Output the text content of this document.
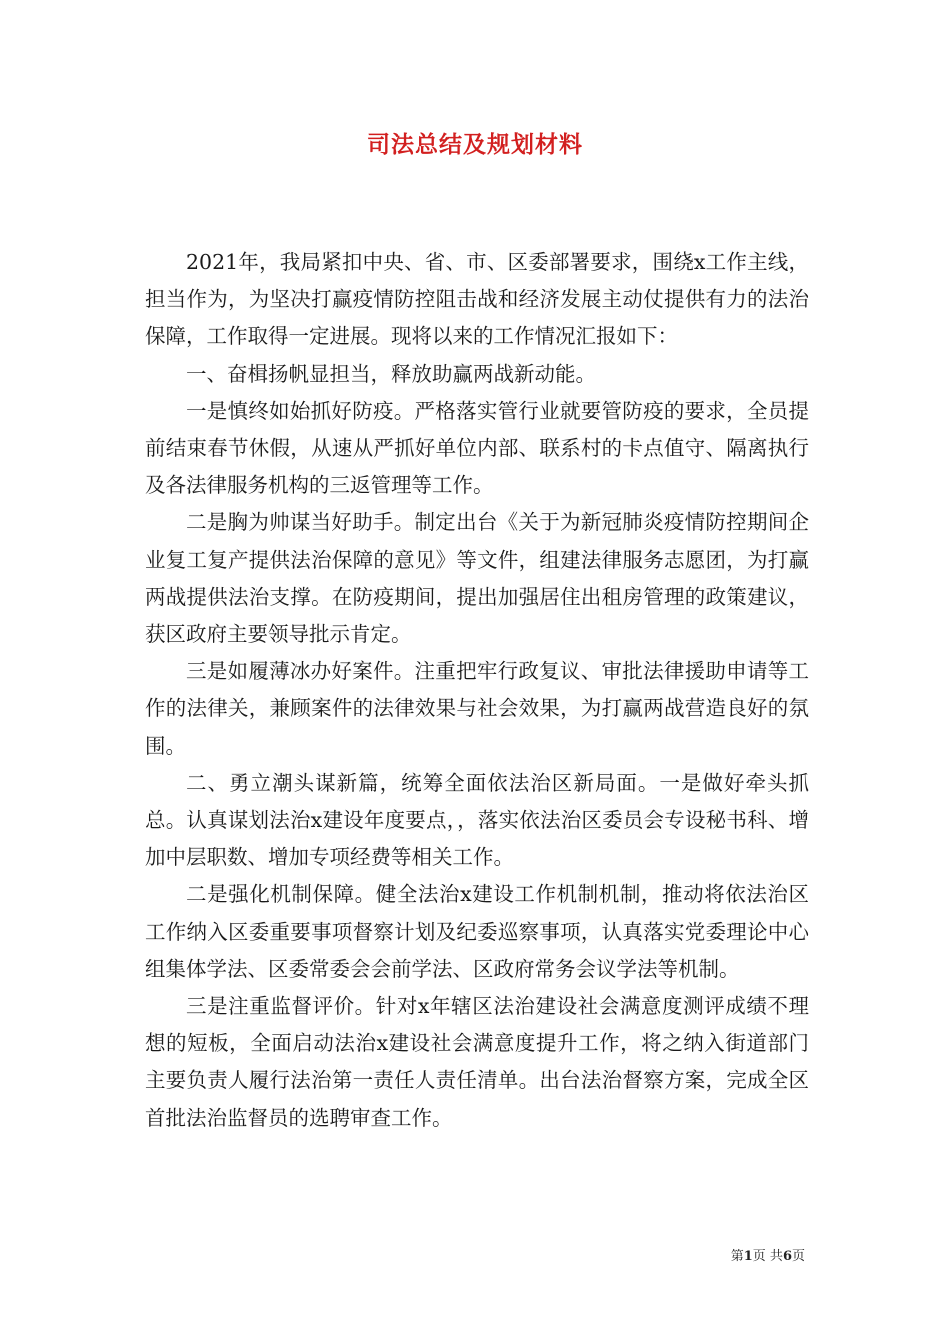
司法总结及规划材料

2021年，我局紧扣中央、省、市、区委部署要求，围绕x工作主线，担当作为，为坚决打赢疫情防控阻击战和经济发展主动仗提供有力的法治保障，工作取得一定进展。现将以来的工作情况汇报如下：

一、奋楫扬帆显担当，释放助赢两战新动能。

一是慎终如始抓好防疫。严格落实管行业就要管防疫的要求，全员提前结束春节休假，从速从严抓好单位内部、联系村的卡点值守、隔离执行及各法律服务机构的三返管理等工作。

二是胸为帅谋当好助手。制定出台《关于为新冠肺炎疫情防控期间企业复工复产提供法治保障的意见》等文件，组建法律服务志愿团，为打赢两战提供法治支撑。在防疫期间，提出加强居住出租房管理的政策建议，获区政府主要领导批示肯定。

三是如履薄冰办好案件。注重把牢行政复议、审批法律援助申请等工作的法律关，兼顾案件的法律效果与社会效果，为打赢两战营造良好的氛围。

二、勇立潮头谋新篇，统筹全面依法治区新局面。一是做好牵头抓总。认真谋划法治x建设年度要点，，落实依法治区委员会专设秘书科、增加中层职数、增加专项经费等相关工作。

二是强化机制保障。健全法治x建设工作机制机制，推动将依法治区工作纳入区委重要事项督察计划及纪委巡察事项，认真落实党委理论中心组集体学法、区委常委会会前学法、区政府常务会议学法等机制。

三是注重监督评价。针对x年辖区法治建设社会满意度测评成绩不理想的短板，全面启动法治x建设社会满意度提升工作，将之纳入街道部门主要负责人履行法治第一责任人责任清单。出台法治督察方案，完成全区首批法治监督员的选聘审查工作。

第1页 共6页
